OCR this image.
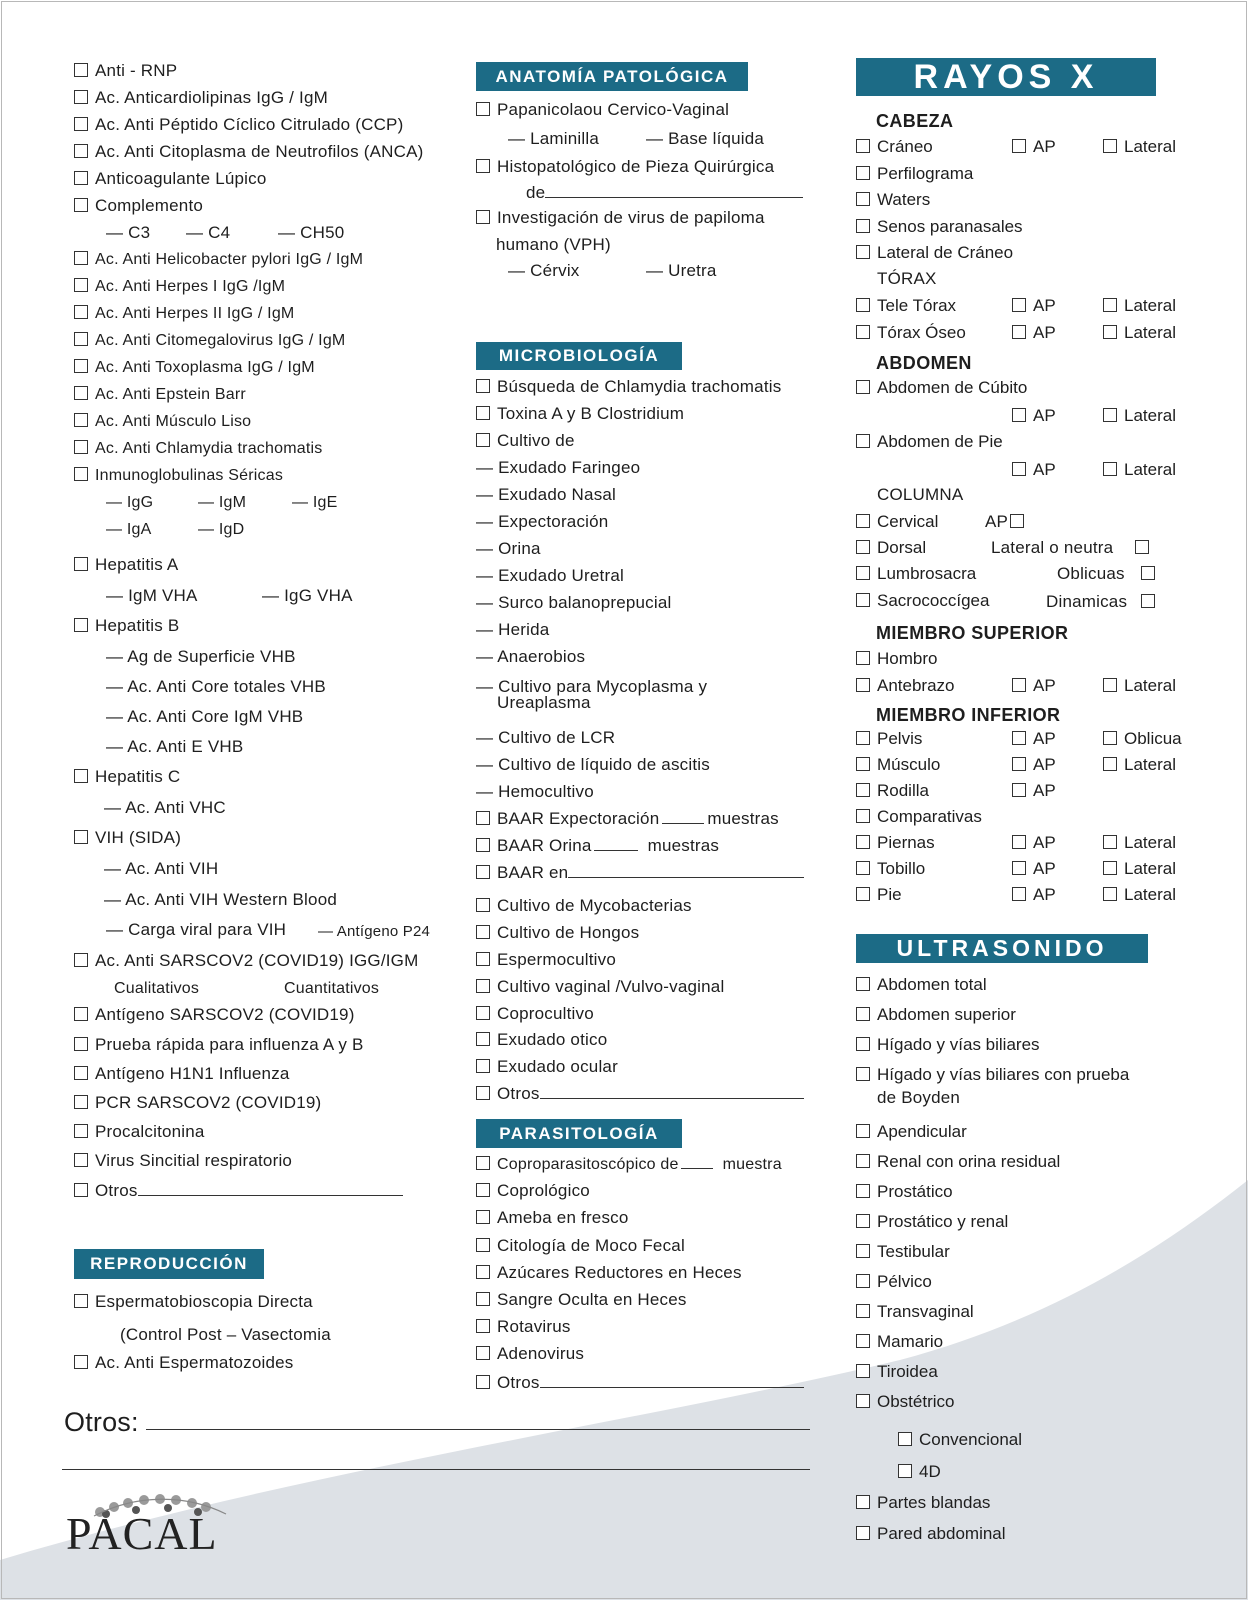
Anti - RNP
Ac. Anticardiolipinas IgG / IgM
Ac. Anti Péptido Cíclico Citrulado (CCP)
Ac. Anti Citoplasma de Neutrofilos (ANCA)
Anticoagulante Lúpico
Complemento
— C3	— C4	— CH50
Ac. Anti Helicobacter pylori IgG / IgM
Ac. Anti Herpes I IgG /IgM
Ac. Anti Herpes II IgG / IgM
Ac. Anti Citomegalovirus IgG / IgM
Ac. Anti Toxoplasma IgG / IgM
Ac. Anti Epstein Barr
Ac. Anti Músculo Liso
Ac. Anti Chlamydia trachomatis
Inmunoglobulinas Séricas
— IgG	— IgM	— IgE
— IgA	— IgD
Hepatitis A
— IgM VHA	— IgG VHA
Hepatitis B
— Ag de Superficie VHB
— Ac. Anti Core totales VHB
— Ac. Anti Core IgM VHB
— Ac. Anti E VHB
Hepatitis C
— Ac. Anti VHC
VIH (SIDA)
— Ac. Anti VIH
— Ac. Anti VIH Western Blood
— Carga viral para VIH	— Antígeno P24
Ac. Anti SARSCOV2 (COVID19) IGG/IGM
Cualitativos	Cuantitativos
Antígeno SARSCOV2 (COVID19)
Prueba rápida para influenza A y B
Antígeno H1N1 Influenza
PCR SARSCOV2 (COVID19)
Procalcitonina
Virus Sincitial respiratorio
Otros
REPRODUCCIÓN
Espermatobioscopia Directa
(Control Post – Vasectomia
Ac. Anti Espermatozoides
Otros:
PACAL
ANATOMÍA PATOLÓGICA
Papanicolaou Cervico-Vaginal
— Laminilla	— Base líquida
Histopatológico de Pieza Quirúrgica
de
Investigación de virus de papiloma
humano (VPH)
— Cérvix	— Uretra
MICROBIOLOGÍA
Búsqueda de Chlamydia trachomatis
Toxina A y B Clostridium
Cultivo de
— Exudado Faringeo
— Exudado Nasal
— Expectoración
— Orina
— Exudado Uretral
— Surco balanoprepucial
— Herida
— Anaerobios
— Cultivo para Mycoplasma y
Ureaplasma
— Cultivo de LCR
— Cultivo de líquido de ascitis
— Hemocultivo
BAAR Expectoración	muestras
BAAR Orina	muestras
BAAR en
Cultivo de Mycobacterias
Cultivo de Hongos
Espermocultivo
Cultivo vaginal /Vulvo-vaginal
Coprocultivo
Exudado otico
Exudado ocular
Otros
PARASITOLOGÍA
Coproparasitoscópico de	muestra
Coprológico
Ameba en fresco
Citología de Moco Fecal
Azúcares Reductores en Heces
Sangre Oculta en Heces
Rotavirus
Adenovirus
Otros
RAYOS X
CABEZA
Cráneo	AP	Lateral
Perfilograma
Waters
Senos paranasales
Lateral de Cráneo
TÓRAX
Tele Tórax	AP	Lateral
Tórax Óseo	AP	Lateral
ABDOMEN
Abdomen de Cúbito
AP	Lateral
Abdomen de Pie
AP	Lateral
COLUMNA
Cervical	AP
Dorsal	Lateral o neutra
Lumbrosacra	Oblicuas
Sacrococcígea	Dinamicas
MIEMBRO SUPERIOR
Hombro
Antebrazo	AP	Lateral
MIEMBRO INFERIOR
Pelvis	AP	Oblicua
Músculo	AP	Lateral
Rodilla	AP
Comparativas
Piernas	AP	Lateral
Tobillo	AP	Lateral
Pie	AP	Lateral
ULTRASONIDO
Abdomen total
Abdomen superior
Hígado y vías biliares
Hígado y vías biliares con prueba
de Boyden
Apendicular
Renal con orina residual
Prostático
Prostático y renal
Testibular
Pélvico
Transvaginal
Mamario
Tiroidea
Obstétrico
Convencional
4D
Partes blandas
Pared abdominal
